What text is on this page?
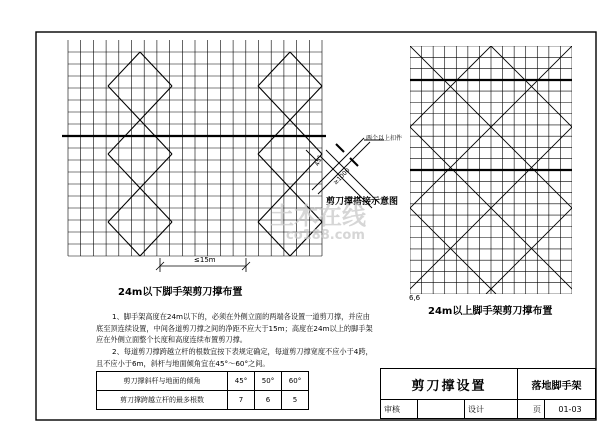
两个以上扣件
45°
≥1000
剪刀撑搭接示意图
≤15m
24m以下脚手架剪刀撑布置
24m以上脚手架剪刀撑布置
6,6
1、脚手架高度在24m以下的，必须在外侧立面的两端各设置一道剪刀撑，并应由底至顶连续设置，中间各道剪刀撑之间的净距不应大于15m；高度在24m以上的脚手架应在外侧立面整个长度和高度连续布置剪刀撑。
2、每道剪刀撑跨越立杆的根数宜按下表规定确定，每道剪刀撑宽度不应小于4跨，且不应小于6m，斜杆与地面倾角宜在45°～60°之间。
剪刀撑斜杆与地面的倾角	45°	50°	60°
剪刀撑跨越立杆的最多根数	7	6	5
剪刀撑设置			落地脚手架	
审核		设计	页	01-03
土木在线
co188.com
